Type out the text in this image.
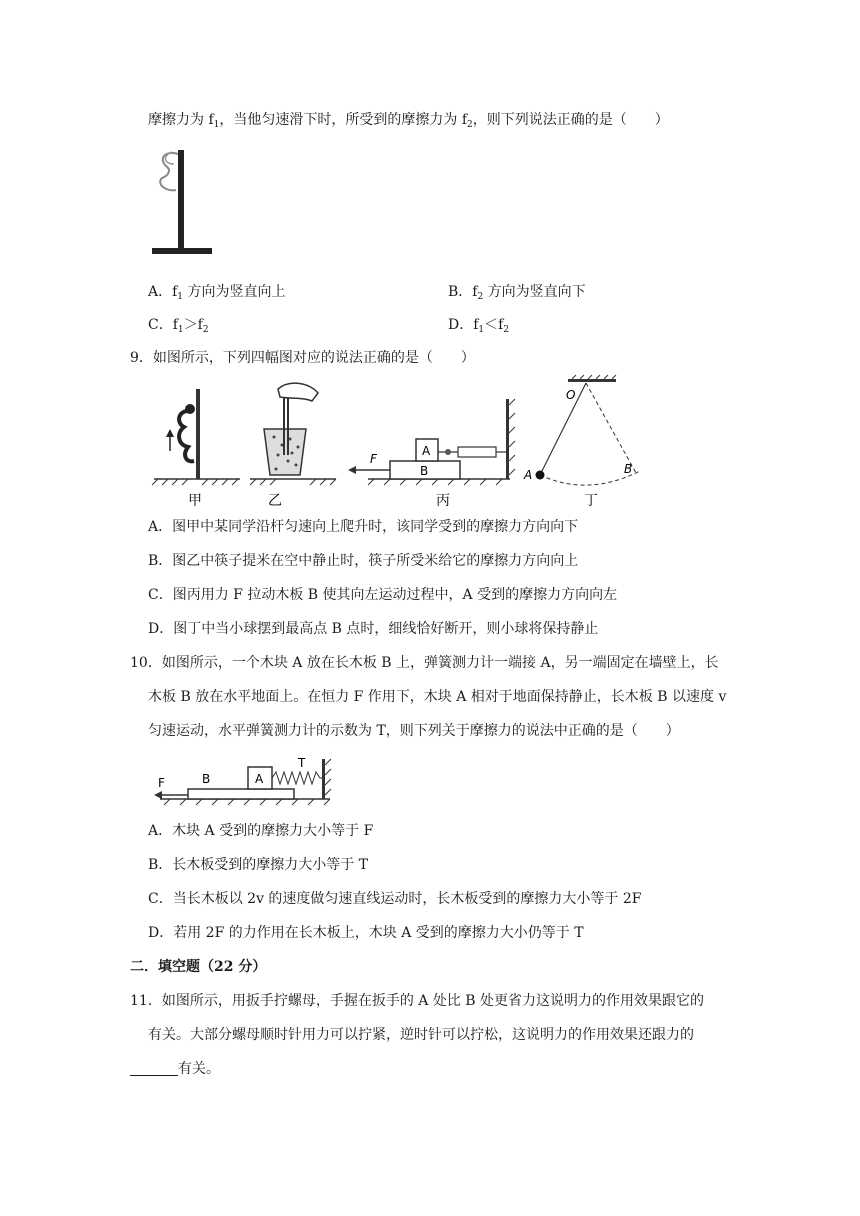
摩擦力为 $f_1$，当他匀速滑下时，所受到的摩擦力为 $f_2$，则下列说法正确的是（　　）
A．$f_1$ 方向为竖直向上	B．$f_2$ 方向为竖直向下
C．$f_1>f_2$	D．$f_1<f_2$
9．如图所示，下列四幅图对应的说法正确的是（　　）
甲	乙
B
A
F
丙
O
A	B
丁
A．图甲中某同学沿杆匀速向上爬升时，该同学受到的摩擦力方向向下
B．图乙中筷子提米在空中静止时，筷子所受米给它的摩擦力方向向上
C．图丙用力 F 拉动木板 B 使其向左运动过程中，A 受到的摩擦力方向向左
D．图丁中当小球摆到最高点 B 点时，细线恰好断开，则小球将保持静止
10．如图所示，一个木块 A 放在长木板 B 上，弹簧测力计一端接 A，另一端固定在墙壁上，长
木板 B 放在水平地面上。在恒力 F 作用下，木块 A 相对于地面保持静止，长木板 B 以速度 v
匀速运动，水平弹簧测力计的示数为 T，则下列关于摩擦力的说法中正确的是（　　）
B	A
T
F
A．木块 A 受到的摩擦力大小等于 F
B．长木板受到的摩擦力大小等于 T
C．当长木板以 2v 的速度做匀速直线运动时，长木板受到的摩擦力大小等于 2F
D．若用 2F 的力作用在长木板上，木块 A 受到的摩擦力大小仍等于 T
二．填空题（22 分）
11．如图所示，用扳手拧螺母，手握在扳手的 A 处比 B 处更省力这说明力的作用效果跟它的
有关。大部分螺母顺时针用力可以拧紧，逆时针可以拧松，这说明力的作用效果还跟力的
有关。
